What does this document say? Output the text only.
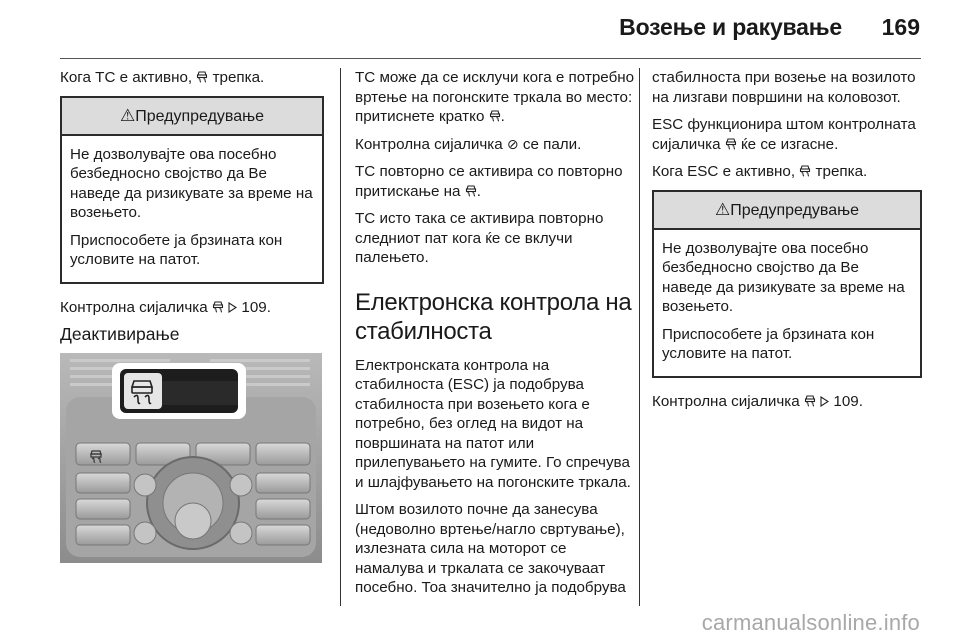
Возење и ракување 169

Кога TC е активно,  трепка.

⚠Предупредување

Не дозволувајте ова посебно безбедносно својство да Ве наведе да ризикувате за време на возењето.

Приспособете ја брзината кон условите на патот.

Контролна сијаличка   109.

Деактивирање

TC може да се исклучи кога е потребно вртење на погонските тркала во место: притиснете кратко .

Контролна сијаличка ⊘ се пали.

TC повторно се активира со повторно притискање на .

TC исто така се активира повторно следниот пат кога ќе се вклучи палењето.

Електронска контрола на стабилноста

Електронската контрола на стабилноста (ESC) ја подобрува стабилноста при возењето кога е потребно, без оглед на видот на површината на патот или прилепувањето на гумите. Го спречува и шлајфувањето на погонските тркала.

Штом возилото почне да занесува (недоволно вртење/нагло свртување), излезната сила на моторот се намалува и тркалата се закочуваат посебно. Тоа значително ја подобрува

стабилноста при возење на возилото на лизгави површини на коловозот.

ESC функционира штом контролната сијаличка  ќе се изгасне.

Кога ESC е активно,  трепка.

⚠Предупредување

Не дозволувајте ова посебно безбедносно својство да Ве наведе да ризикувате за време на возењето.

Приспособете ја брзината кон условите на патот.

Контролна сијаличка   109.

carmanualsonline.info
